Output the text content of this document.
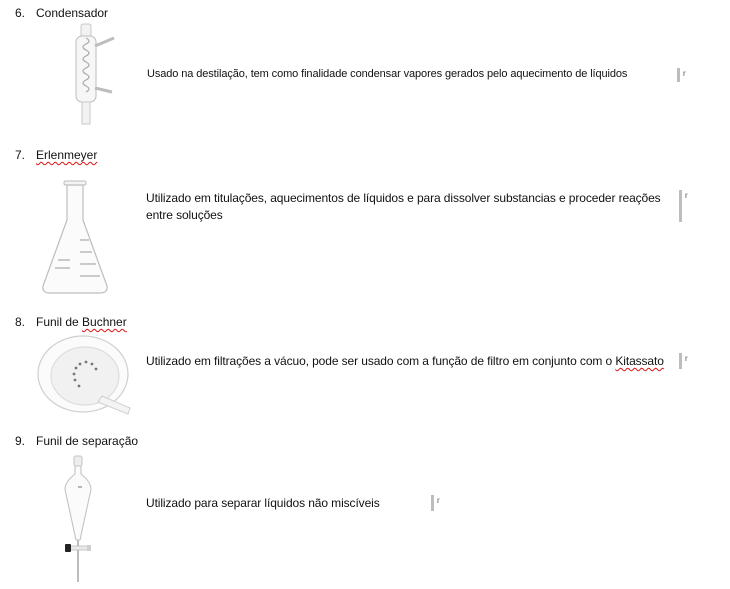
6. Condensador
Usado na destilação, tem como finalidade condensar vapores gerados pelo aquecimento de líquidos	r
7. Erlenmeyer
Utilizado em titulações, aquecimentos de líquidos e para dissolver substancias e proceder reações entre soluções
r
8. Funil de Buchner
Utilizado em filtrações a vácuo, pode ser usado com a função de filtro em conjunto com o Kitassato	r
9. Funil de separação
Utilizado para separar líquidos não miscíveis	r
